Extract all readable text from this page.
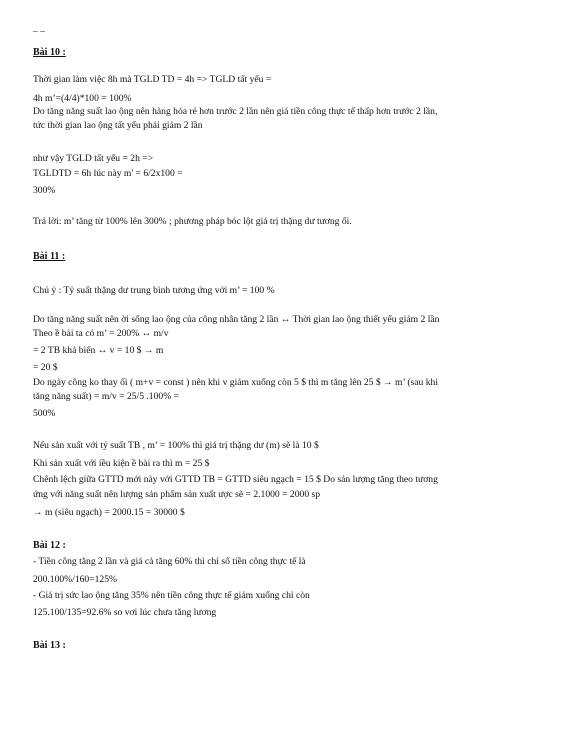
– –
Bài 10 :
Thời gian làm việc 8h mà TGLD TD = 4h => TGLD tất yếu =
4h m’=(4/4)*100 = 100%
Do tăng năng suất lao ộng nên hàng hóa rẻ hơn trước 2 lần nên giá tiền công thực tế thấp hơn trước 2 lần,
tức thời gian lao ộng tất yếu phải giảm 2 lần
như vậy TGLD tất yếu = 2h =>
TGLDTD = 6h lúc này m' = 6/2x100 =
300%
Trả lời: m’ tăng từ 100% lên 300% ; phương pháp bóc lột giá trị thặng dư tương ối.
Bài 11 :
Chú ý : Tỷ suất thặng dư trung bình tương ứng với m’ = 100 %
Do tăng năng suất nên ời sống lao ộng của công nhân tăng 2 lần ↔ Thời gian lao ộng thiết yếu giảm 2 lần
Theo ề bài ta có m’ = 200% ↔ m/v
= 2 TB khả biến ↔ v = 10 $ → m
= 20 $
Do ngày công ko thay ổi ( m+v = const ) nên khi v giảm xuống còn 5 $ thì m tăng lên 25 $ → m’ (sau khi
tăng năng suất) = m/v = 25/5 .100% =
500%
Nếu sản xuất với tỷ suất TB , m’ = 100% thì giá trị thặng dư (m) sẽ là 10 $
Khi sản xuất với iều kiện ề bài ra thì m = 25 $
Chênh lệch giữa GTTD mới này với GTTD TB = GTTD siêu ngạch = 15 $ Do sản lượng tăng theo tương
ứng với năng suất nên lượng sản phẩm sản xuất ược sẽ = 2.1000 = 2000 sp
→ m (siêu ngạch) = 2000.15 = 30000 $
Bài 12 :
- Tiền công tăng 2 lần và giá cả tăng 60% thì chỉ số tiền công thực tế là
200.100%/160=125%
- Giá trị sức lao ộng tăng 35% nên tiền công thực tế giảm xuống chỉ còn
125.100/135=92.6% so vơi lúc chưa tăng lương
Bài 13 :
